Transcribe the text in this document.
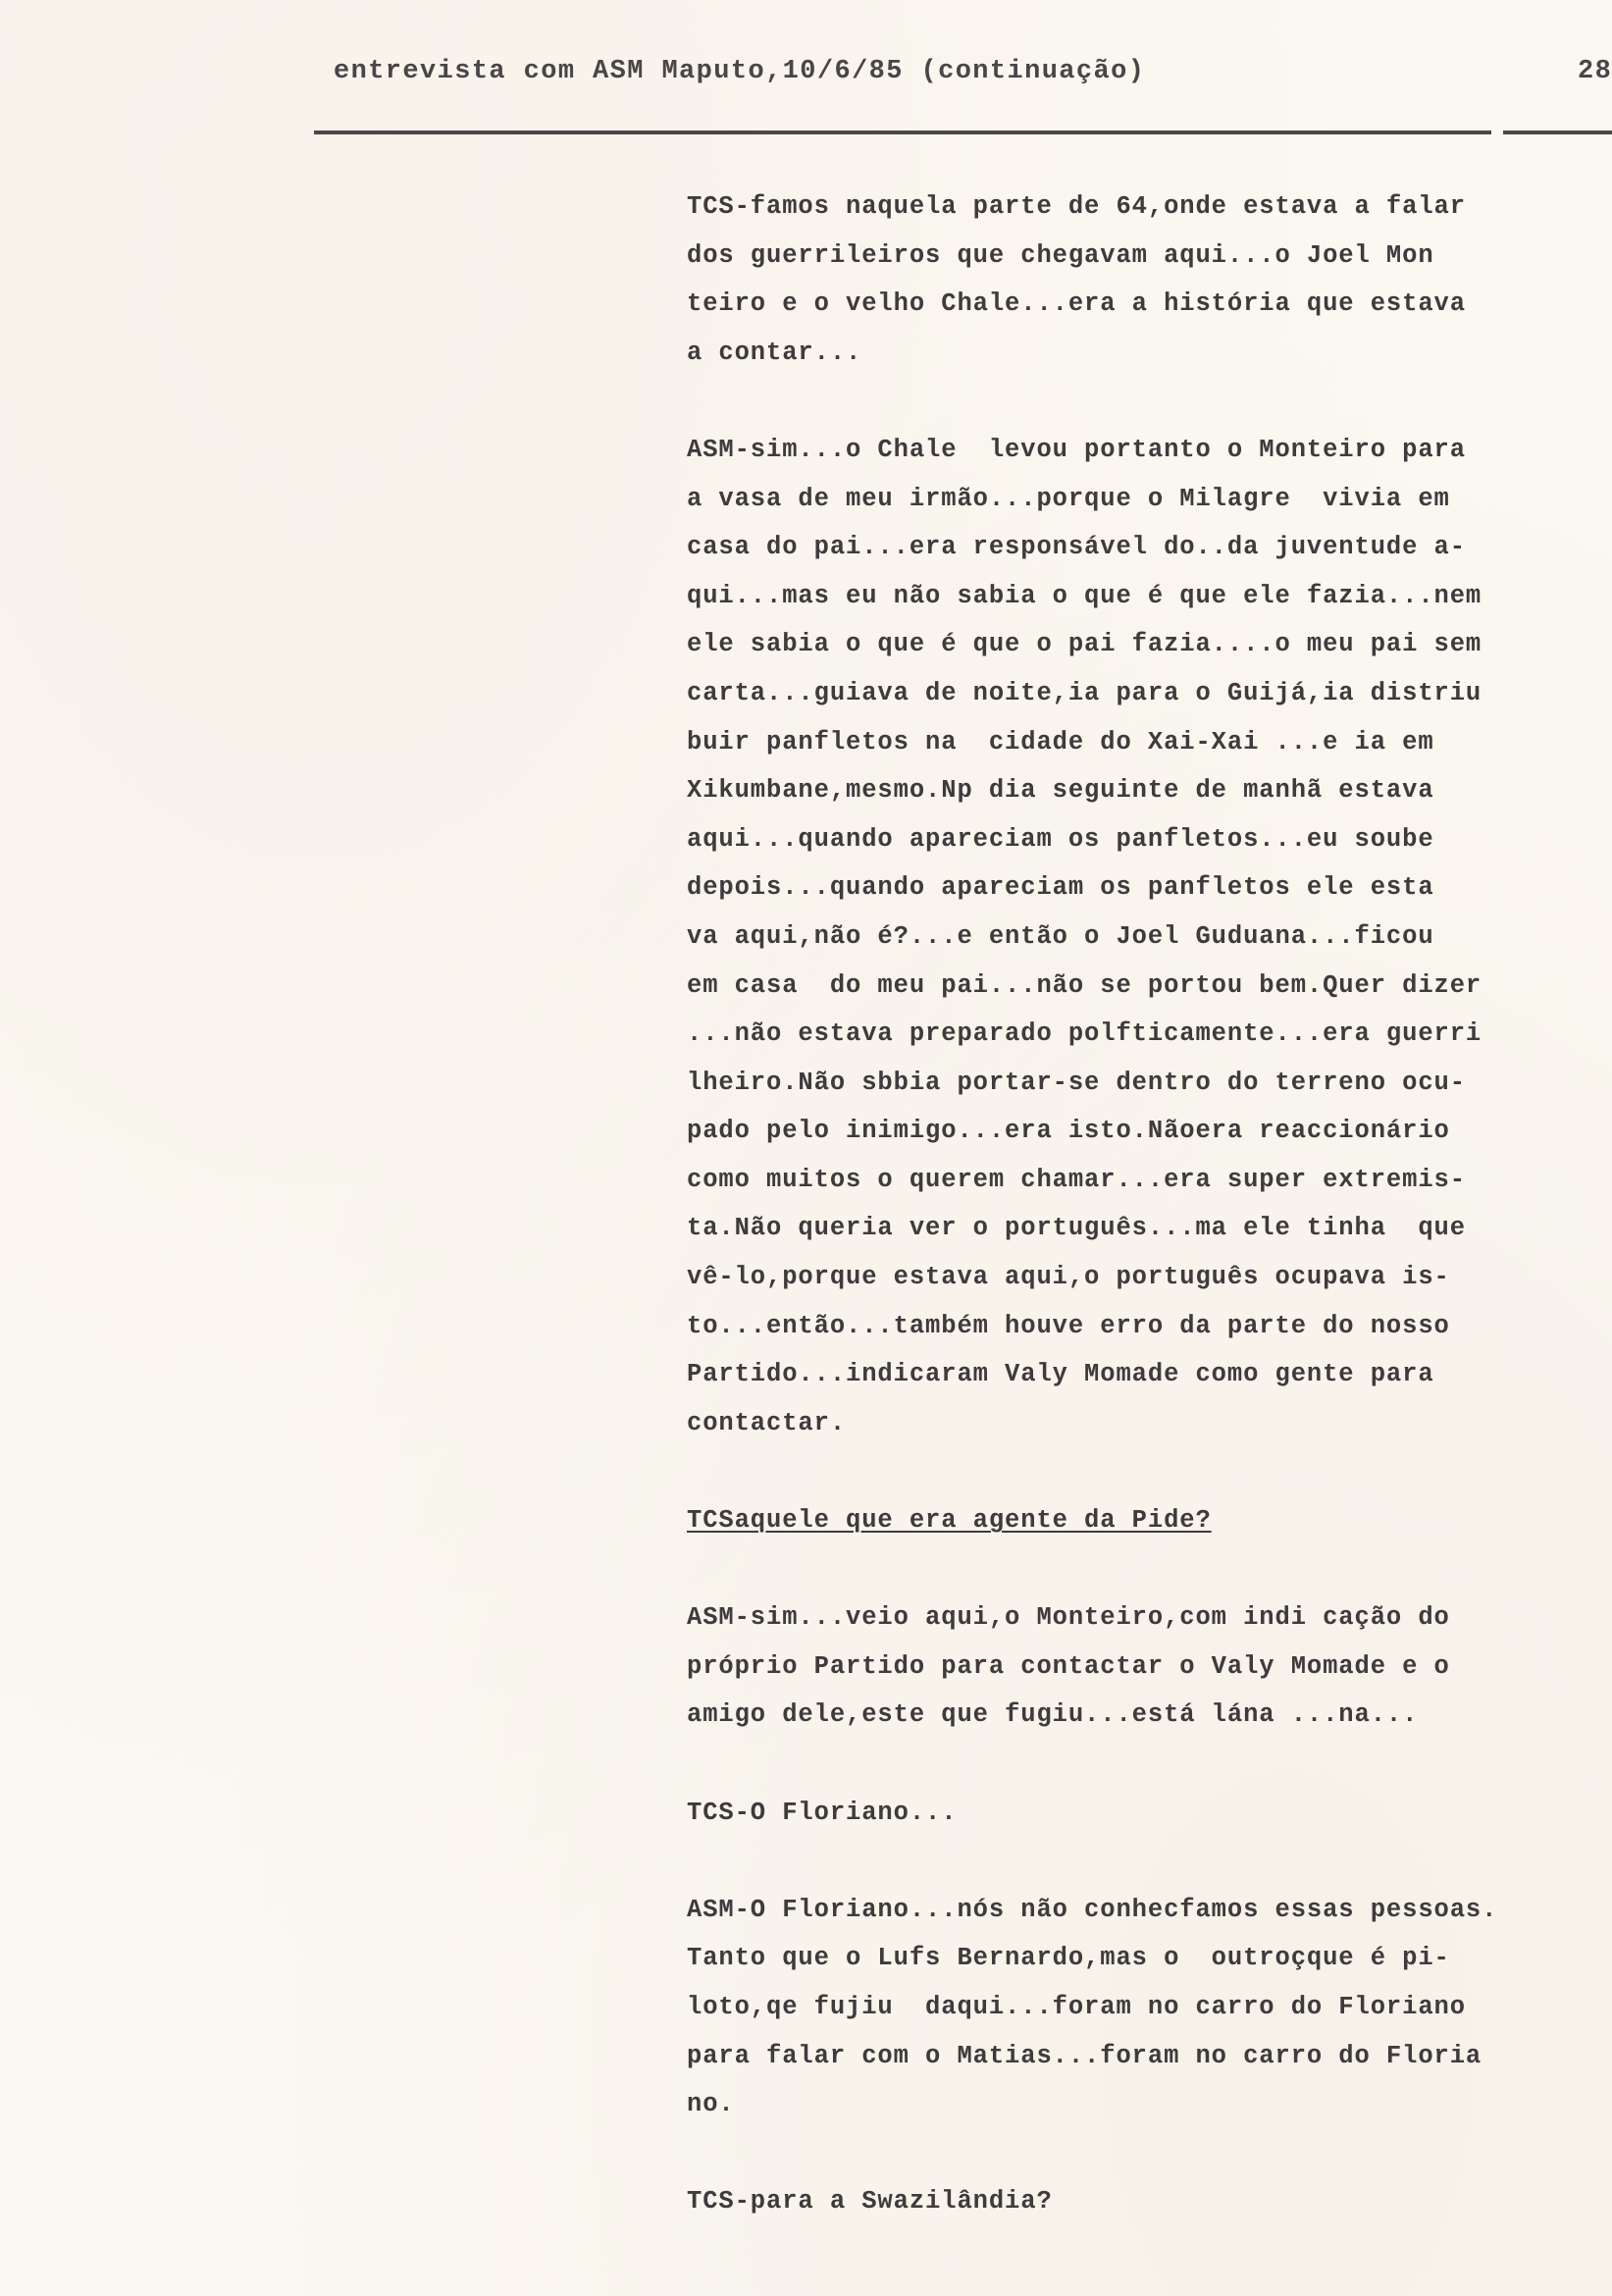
entrevista com ASM Maputo,10/6/85 (continuação)	28
TCS-famos naquela parte de 64,onde estava a falar
dos guerrileiros que chegavam aqui...o Joel Mon
teiro e o velho Chale...era a história que estava
a contar...
ASM-sim...o Chale  levou portanto o Monteiro para
a vasa de meu irmão...porque o Milagre  vivia em
casa do pai...era responsável do..da juventude a-
qui...mas eu não sabia o que é que ele fazia...nem
ele sabia o que é que o pai fazia....o meu pai sem
carta...guiava de noite,ia para o Guijá,ia distriu
buir panfletos na  cidade do Xai-Xai ...e ia em
Xikumbane,mesmo.Np dia seguinte de manhã estava
aqui...quando apareciam os panfletos...eu soube
depois...quando apareciam os panfletos ele esta
va aqui,não é?...e então o Joel Guduana...ficou
em casa  do meu pai...não se portou bem.Quer dizer
...não estava preparado polfticamente...era guerri
lheiro.Não sbbia portar-se dentro do terreno ocu-
pado pelo inimigo...era isto.Nãoera reaccionário
como muitos o querem chamar...era super extremis-
ta.Não queria ver o português...ma ele tinha  que
vê-lo,porque estava aqui,o português ocupava is-
to...então...também houve erro da parte do nosso
Partido...indicaram Valy Momade como gente para
contactar.
TCSaquele que era agente da Pide?
ASM-sim...veio aqui,o Monteiro,com indi cação do
próprio Partido para contactar o Valy Momade e o
amigo dele,este que fugiu...está lána ...na...
TCS-O Floriano...
ASM-O Floriano...nós não conhecfamos essas pessoas.
Tanto que o Lufs Bernardo,mas o  outroçque é pi-
loto,qe fujiu  daqui...foram no carro do Floriano
para falar com o Matias...foram no carro do Floria
no.
TCS-para a Swazilândia?
